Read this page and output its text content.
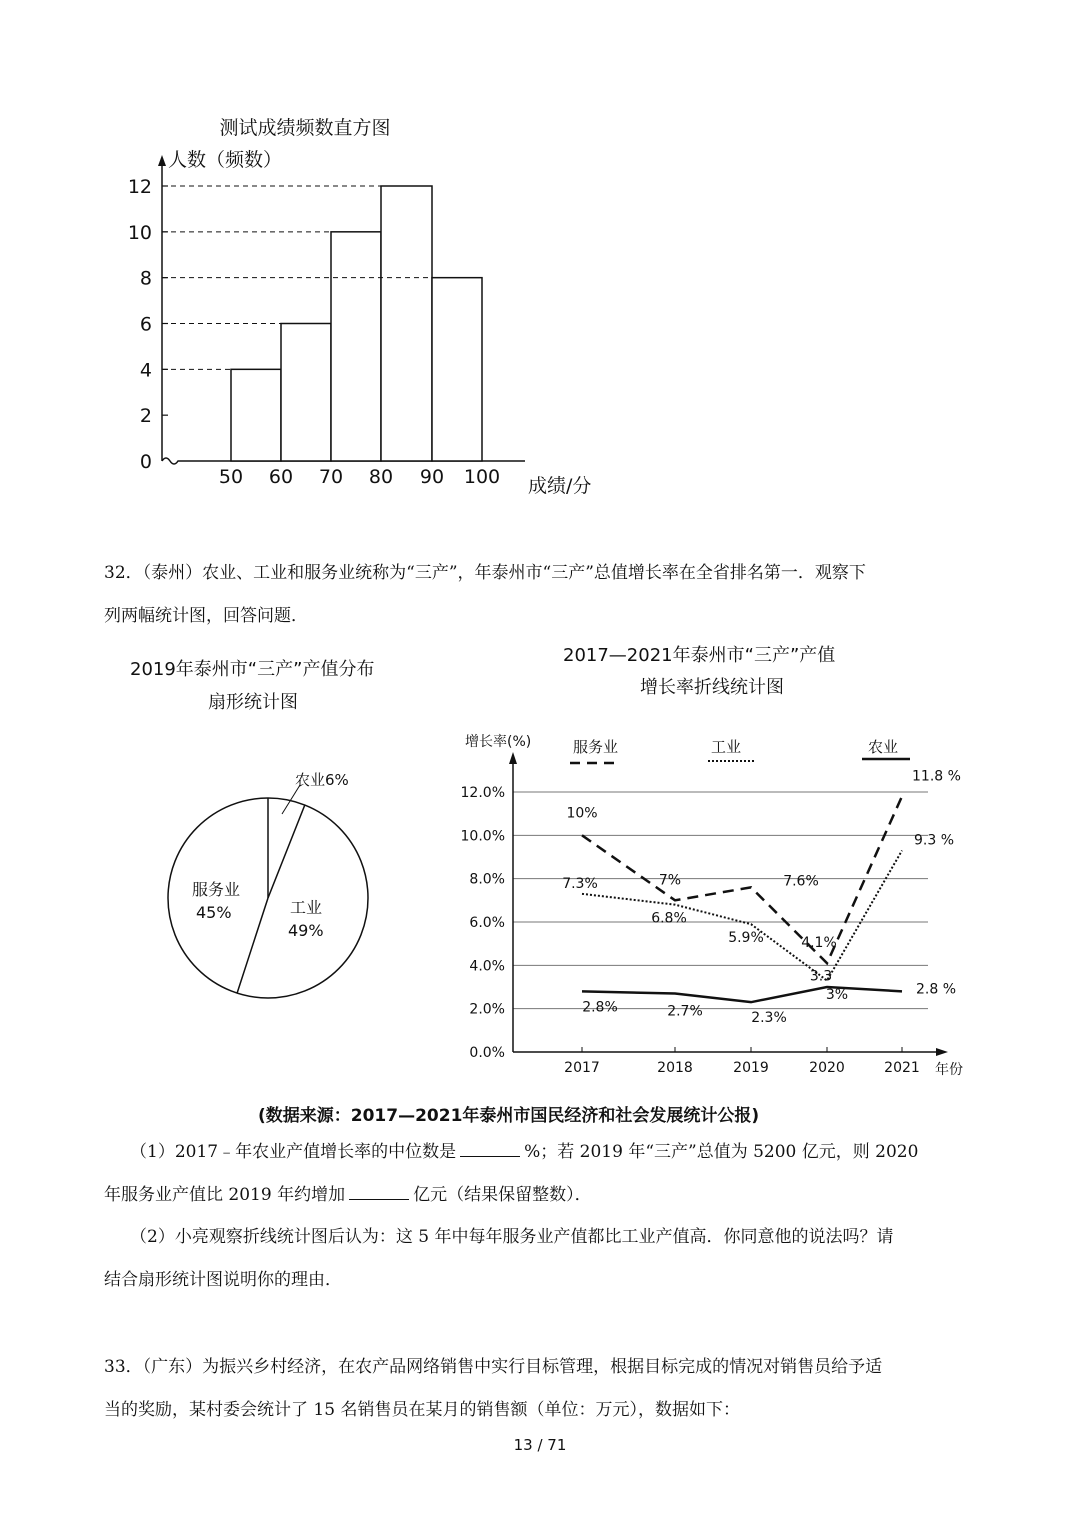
测试成绩频数直方图
人数（频数）
成绩/分
0
2
4
6
8
10
12
50 60 70 80 90 100

32．（泰州）农业、工业和服务业统称为“三产”，年泰州市“三产”总值增长率在全省排名第一．观察下

列两幅统计图，回答问题．

2019年泰州市“三产”产值分布
扇形统计图
农业6%
工业
49%
服务业
45%
2017—2021年泰州市“三产”产值
增长率折线统计图
增长率(%)
年份
服务业	工业	农业
0.0%
2.0%
4.0%
6.0%
8.0%
10.0%
12.0%
2017	2018	2019	2020	2021
10%
7%	7.6%
4.1%
11.8 %
7.3%
6.8%
5.9%
3.3
9.3 %
2.8%	2.7%	2.3%
3%	2.8 %
(数据来源：2017—2021年泰州市国民经济和社会发展统计公报)

（1）2017﹣年农业产值增长率的中位数是	%；若 2019 年“三产”总值为 5200 亿元，则 2020

年服务业产值比 2019 年约增加	亿元（结果保留整数）．

（2）小亮观察折线统计图后认为：这 5 年中每年服务业产值都比工业产值高．你同意他的说法吗？请

结合扇形统计图说明你的理由．

33．（广东）为振兴乡村经济，在农产品网络销售中实行目标管理，根据目标完成的情况对销售员给予适

当的奖励，某村委会统计了 15 名销售员在某月的销售额（单位：万元），数据如下：

13 / 71
